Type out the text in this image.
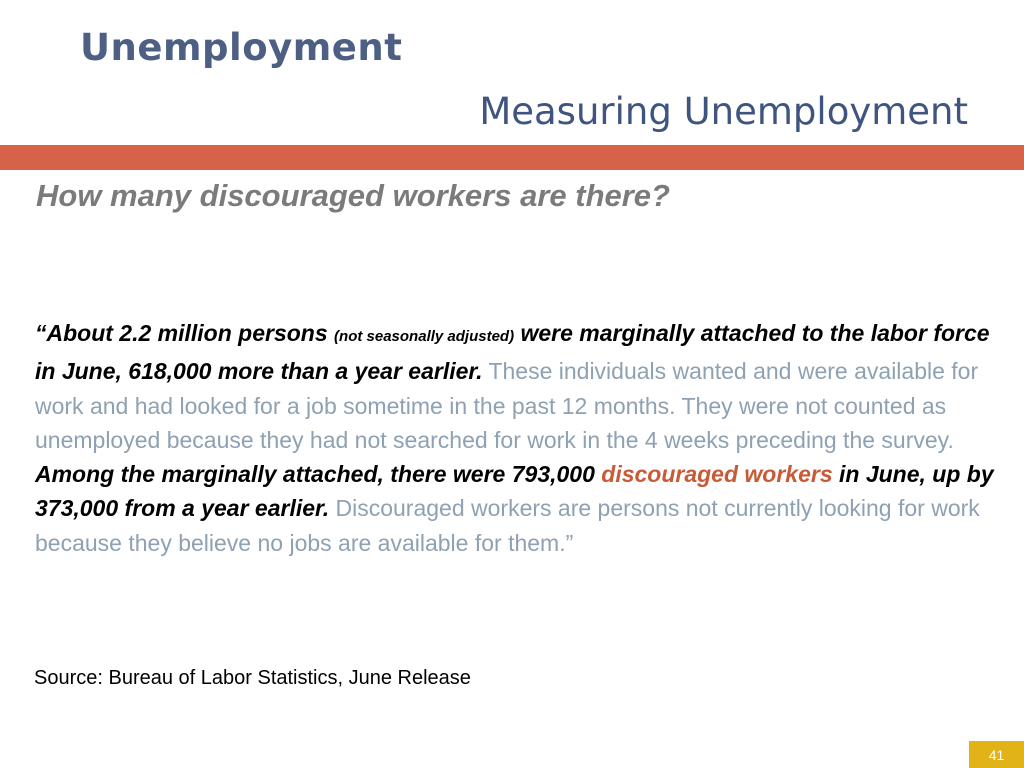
Unemployment
Measuring Unemployment
How many discouraged workers are there?

“About 2.2 million persons (not seasonally adjusted) were marginally attached to the labor force in June, 618,000 more than a year earlier. These individuals wanted and were available for work and had looked for a job sometime in the past 12 months. They were not counted as unemployed because they had not searched for work in the 4 weeks preceding the survey. Among the marginally attached, there were 793,000 discouraged workers in June, up by 373,000 from a year earlier. Discouraged workers are persons not currently looking for work because they believe no jobs are available for them.”

Source: Bureau of Labor Statistics, June Release

41
